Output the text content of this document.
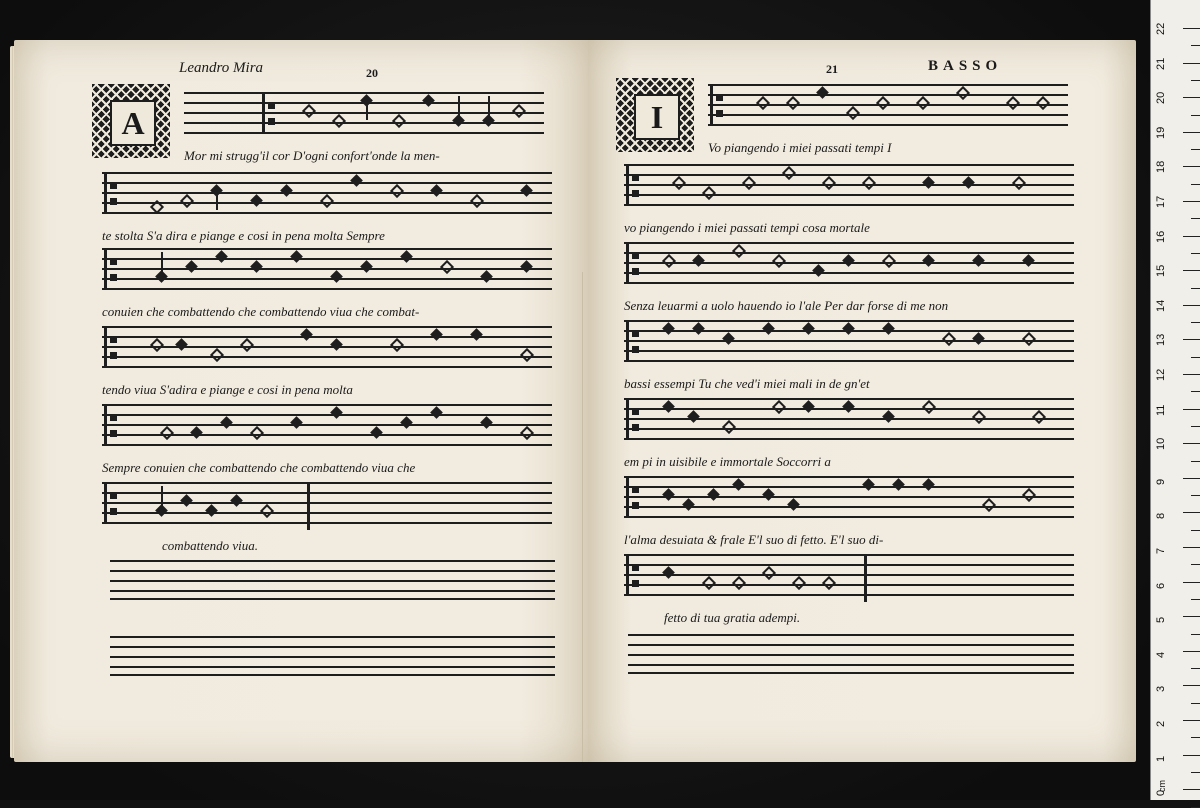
Leandro Mira	20
A
Mor mi strugg'il cor D'ogni confort'onde la men-
te stolta S'a dira e piange e cosi in pena molta Sempre
conuien che combattendo che combattendo viua che combat-
tendo viua S'adira e piange e cosi in pena molta
Sempre conuien che combattendo che combattendo viua che
combattendo viua.
21	BASSO
I
Vo piangendo i miei passati tempi I
vo piangendo i miei passati tempi cosa mortale
Senza leuarmi a uolo hauendo io l'ale Per dar forse di me non
bassi essempi Tu che ved'i miei mali in de gn'et
em pi in uisibile e immortale Soccorri a
l'alma desuiata & frale E'l suo di fetto. E'l suo di-
fetto di tua gratia adempi.
cm
22
21
20
19
18
17
16
15
14
13
12
11
10
9
8
7
6
5
4
3
2
1
0
